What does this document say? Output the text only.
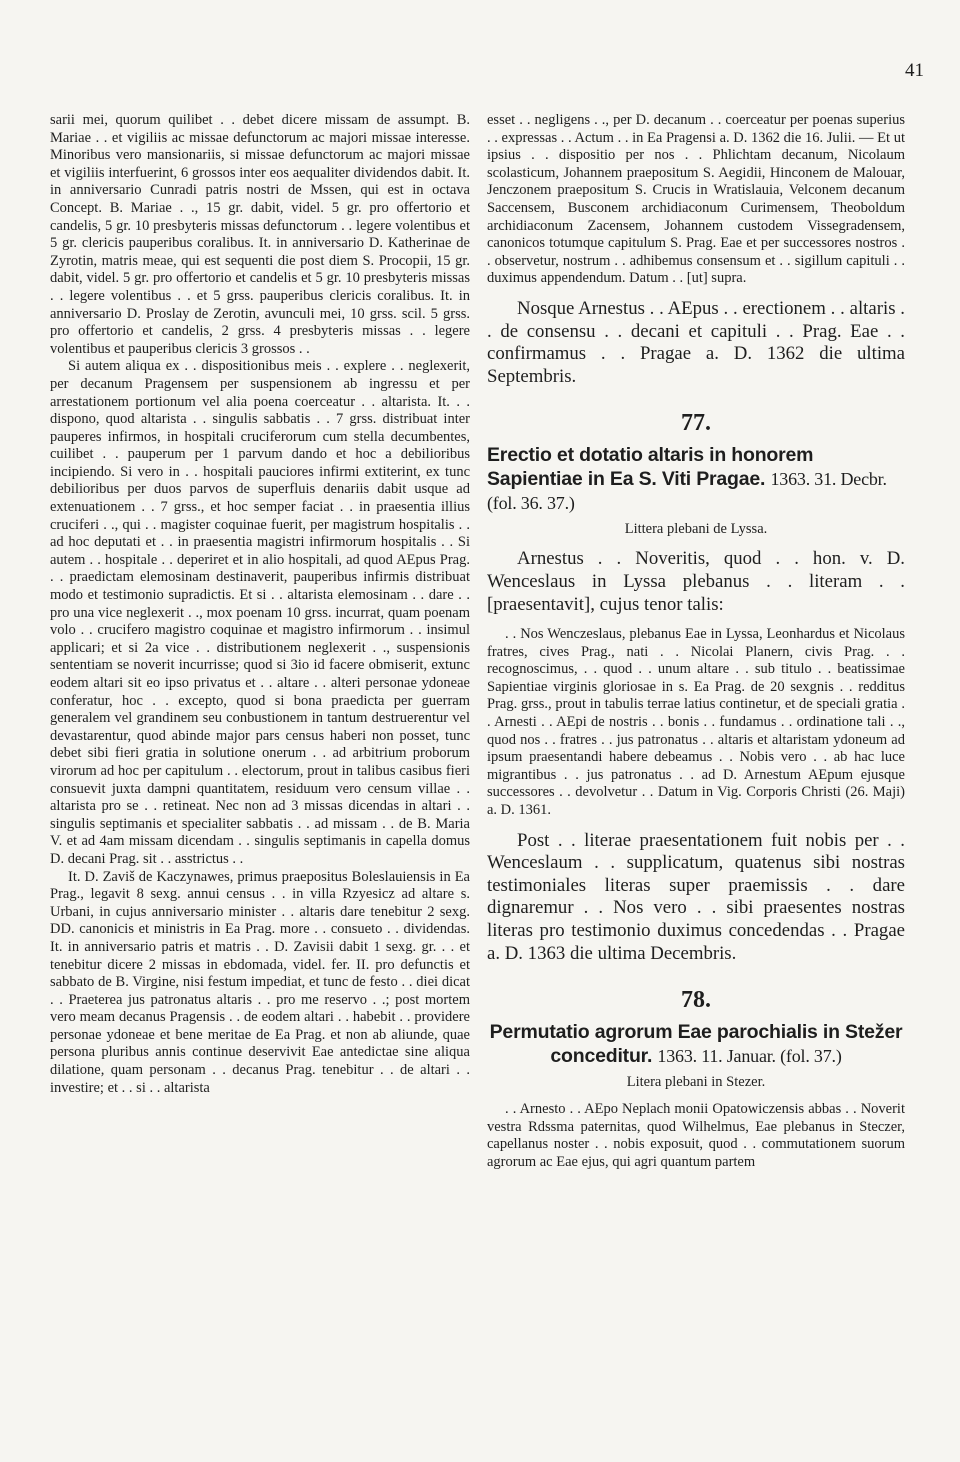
41

sarii mei, quorum quilibet . . debet dicere missam de assumpt. B. Mariae . . et vigiliis ac missae defunctorum ac majori missae interesse. Minoribus vero mansionariis, si missae defunctorum ac majori missae et vigiliis interfuerint, 6 grossos inter eos aequaliter dividendos dabit. It. in anniversario Cunradi patris nostri de Mssen, qui est in octava Concept. B. Mariae . ., 15 gr. dabit, videl. 5 gr. pro offertorio et candelis, 5 gr. 10 presbyteris missas defunctorum . . legere volentibus et 5 gr. clericis pauperibus coralibus. It. in anniversario D. Katherinae de Zyrotin, matris meae, qui est sequenti die post diem S. Procopii, 15 gr. dabit, videl. 5 gr. pro offertorio et candelis et 5 gr. 10 presbyteris missas . . legere volentibus . . et 5 grss. pauperibus clericis coralibus. It. in anniversario D. Proslay de Zerotin, avunculi mei, 10 grss. scil. 5 grss. pro offertorio et candelis, 2 grss. 4 presbyteris missas . . legere volentibus et pauperibus clericis 3 grossos . .

Si autem aliqua ex . . dispositionibus meis . . explere . . neglexerit, per decanum Pragensem per suspensionem ab ingressu et per arrestationem portionum vel alia poena coerceatur . . altarista. It. . . dispono, quod altarista . . singulis sabbatis . . 7 grss. distribuat inter pauperes infirmos, in hospitali cruciferorum cum stella decumbentes, cuilibet . . pauperum per 1 parvum dando et hoc a debilioribus incipiendo. Si vero in . . hospitali pauciores infirmi extiterint, ex tunc debilioribus per duos parvos de superfluis denariis dabit usque ad extenuationem . . 7 grss., et hoc semper faciat . . in praesentia illius cruciferi . ., qui . . magister coquinae fuerit, per magistrum hospitalis . . ad hoc deputati et . . in praesentia magistri infirmorum hospitalis . . Si autem . . hospitale . . deperiret et in alio hospitali, ad quod AEpus Prag. . . praedictam elemosinam destinaverit, pauperibus infirmis distribuat modo et testimonio supradictis. Et si . . altarista elemosinam . . dare . . pro una vice neglexerit . ., mox poenam 10 grss. incurrat, quam poenam volo . . crucifero magistro coquinae et magistro infirmorum . . insimul applicari; et si 2a vice . . distributionem neglexerit . ., suspensionis sententiam se noverit incurrisse; quod si 3io id facere obmiserit, extunc eodem altari sit eo ipso privatus et . . altare . . alteri personae ydoneae conferatur, hoc . . excepto, quod si bona praedicta per guerram generalem vel grandinem seu conbustionem in tantum destruerentur vel devastarentur, quod abinde major pars census haberi non posset, tunc debet sibi fieri gratia in solutione onerum . . ad arbitrium proborum virorum ad hoc per capitulum . . electorum, prout in talibus casibus fieri consuevit juxta dampni quantitatem, residuum vero censum villae . . altarista pro se . . retineat. Nec non ad 3 missas dicendas in altari . . singulis septimanis et specialiter sabbatis . . ad missam . . de B. Maria V. et ad 4am missam dicendam . . singulis septimanis in capella domus D. decani Prag. sit . . asstrictus . .

It. D. Zaviš de Kaczynawes, primus praepositus Boleslauiensis in Ea Prag., legavit 8 sexg. annui census . . in villa Rzyesicz ad altare s. Urbani, in cujus anniversario minister . . altaris dare tenebitur 2 sexg. DD. canonicis et ministris in Ea Prag. more . . consueto . . dividendas. It. in anniversario patris et matris . . D. Zavisii dabit 1 sexg. gr. . . et tenebitur dicere 2 missas in ebdomada, videl. fer. II. pro defunctis et sabbato de B. Virgine, nisi festum impediat, et tunc de festo . . diei dicat . . Praeterea jus patronatus altaris . . pro me reservo . .; post mortem vero meam decanus Pragensis . . de eodem altari . . habebit . . providere personae ydoneae et bene meritae de Ea Prag. et non ab aliunde, quae persona pluribus annis continue deservivit Eae antedictae sine aliqua dilatione, quam personam . . decanus Prag. tenebitur . . de altari . . investire; et . . si . . altarista

esset . . negligens . ., per D. decanum . . coerceatur per poenas superius . . expressas . . Actum . . in Ea Pragensi a. D. 1362 die 16. Julii. — Et ut ipsius . . dispositio per nos . . Phlichtam decanum, Nicolaum scolasticum, Johannem praepositum S. Aegidii, Hinconem de Malouar, Jenczonem praepositum S. Crucis in Wratislauia, Velconem decanum Saccensem, Busconem archidiaconum Curimensem, Theoboldum archidiaconum Zacensem, Johannem custodem Vissegradensem, canonicos totumque capitulum S. Prag. Eae et per successores nostros . . observetur, nostrum . . adhibemus consensum et . . sigillum capituli . . duximus appendendum. Datum . . [ut] supra.

Nosque Arnestus . . AEpus . . erectionem . . altaris . . de consensu . . decani et capituli . . Prag. Eae . . confirmamus . . Pragae a. D. 1362 die ultima Septembris.

77.

Erectio et dotatio altaris in honorem Sapientiae in Ea S. Viti Pragae. 1363. 31. Decbr. (fol. 36. 37.)

Littera plebani de Lyssa.

Arnestus . . Noveritis, quod . . hon. v. D. Wenceslaus in Lyssa plebanus . . literam . . [praesentavit], cujus tenor talis:

. . Nos Wenczeslaus, plebanus Eae in Lyssa, Leonhardus et Nicolaus fratres, cives Prag., nati . . Nicolai Planern, civis Prag. . . recognoscimus, . . quod . . unum altare . . sub titulo . . beatissimae Sapientiae virginis gloriosae in s. Ea Prag. de 20 sexgnis . . redditus Prag. grss., prout in tabulis terrae latius continetur, et de speciali gratia . . Arnesti . . AEpi de nostris . . bonis . . fundamus . . ordinatione tali . ., quod nos . . fratres . . jus patronatus . . altaris et altaristam ydoneum ad ipsum praesentandi habere debeamus . . Nobis vero . . ab hac luce migrantibus . . jus patronatus . . ad D. Arnestum AEpum ejusque successores . . devolvetur . . Datum in Vig. Corporis Christi (26. Maji) a. D. 1361.

Post . . literae praesentationem fuit nobis per . . Wenceslaum . . supplicatum, quatenus sibi nostras testimoniales literas super praemissis . . dare dignaremur . . Nos vero . . sibi praesentes nostras literas pro testimonio duximus concedendas . . Pragae a. D. 1363 die ultima Decembris.

78.

Permutatio agrorum Eae parochialis in Stežer
conceditur. 1363. 11. Januar. (fol. 37.)

Litera plebani in Stezer.

. . Arnesto . . AEpo Neplach monii Opatowiczensis abbas . . Noverit vestra Rdssma paternitas, quod Wilhelmus, Eae plebanus in Steczer, capellanus noster . . nobis exposuit, quod . . commutationem suorum agrorum ac Eae ejus, qui agri quantum partem
